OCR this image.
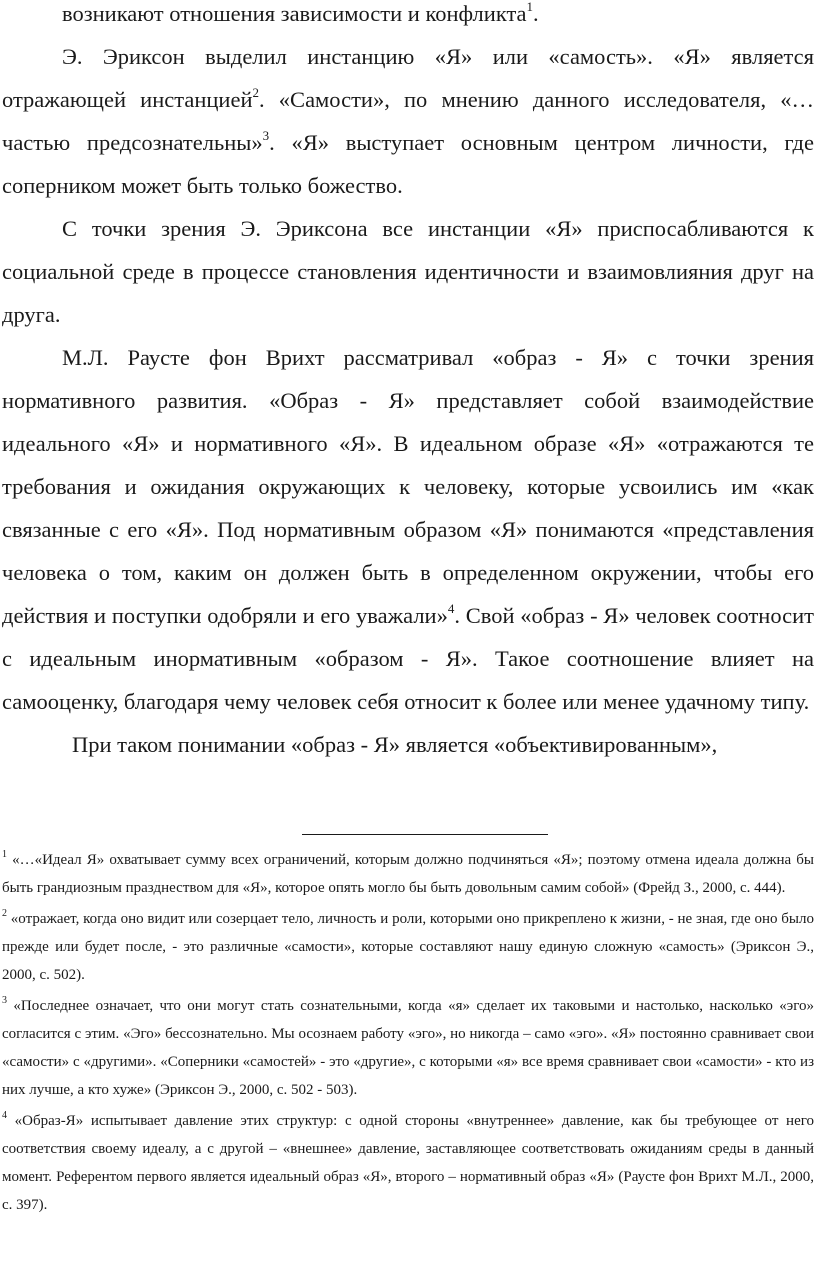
возникают отношения зависимости и конфликта$^1$.

Э. Эриксон выделил инстанцию «Я» или «самость». «Я» является отражающей инстанцией$^2$. «Самости», по мнению данного исследователя, «…частью предсознательны»$^3$. «Я» выступает основным центром личности, где соперником может быть только божество.

С точки зрения Э. Эриксона все инстанции «Я» приспосабливаются к социальной среде в процессе становления идентичности и взаимовлияния друг на друга.

М.Л. Раусте фон Врихт рассматривал «образ - Я» с точки зрения нормативного развития. «Образ - Я» представляет собой взаимодействие идеального «Я» и нормативного «Я». В идеальном образе «Я» «отражаются те требования и ожидания окружающих к человеку, которые усвоились им «как связанные с его «Я». Под нормативным образом «Я» понимаются «представления человека о том, каким он должен быть в определенном окружении, чтобы его действия и поступки одобряли и его уважали»$^4$. Свой «образ - Я» человек соотносит с идеальным инормативным «образом - Я». Такое соотношение влияет на самооценку, благодаря чему человек себя относит к более или менее удачному типу.

При таком понимании «образ - Я» является «объективированным»,

$^1$ «…«Идеал Я» охватывает сумму всех ограничений, которым должно подчиняться «Я»; поэтому отмена идеала должна бы быть грандиозным празднеством для «Я», которое опять могло бы быть довольным самим собой» (Фрейд З., 2000, с. 444).

$^2$ «отражает, когда оно видит или созерцает тело, личность и роли, которыми оно прикреплено к жизни, - не зная, где оно было прежде или будет после, - это различные «самости», которые составляют нашу единую сложную «самость» (Эриксон Э., 2000, с. 502).

$^3$ «Последнее означает, что они могут стать сознательными, когда «я» сделает их таковыми и настолько, насколько «эго» согласится с этим. «Эго» бессознательно. Мы осознаем работу «эго», но никогда – само «эго». «Я» постоянно сравнивает свои «самости» с «другими». «Соперники «самостей» - это «другие», с которыми «я» все время сравнивает свои «самости» - кто из них лучше, а кто хуже» (Эриксон Э., 2000, с. 502 - 503).

$^4$ «Образ-Я» испытывает давление этих структур: с одной стороны «внутреннее» давление, как бы требующее от него соответствия своему идеалу, а с другой – «внешнее» давление, заставляющее соответствовать ожиданиям среды в данный момент. Референтом первого является идеальный образ «Я», второго – нормативный образ «Я» (Раусте фон Врихт М.Л., 2000, с. 397).
